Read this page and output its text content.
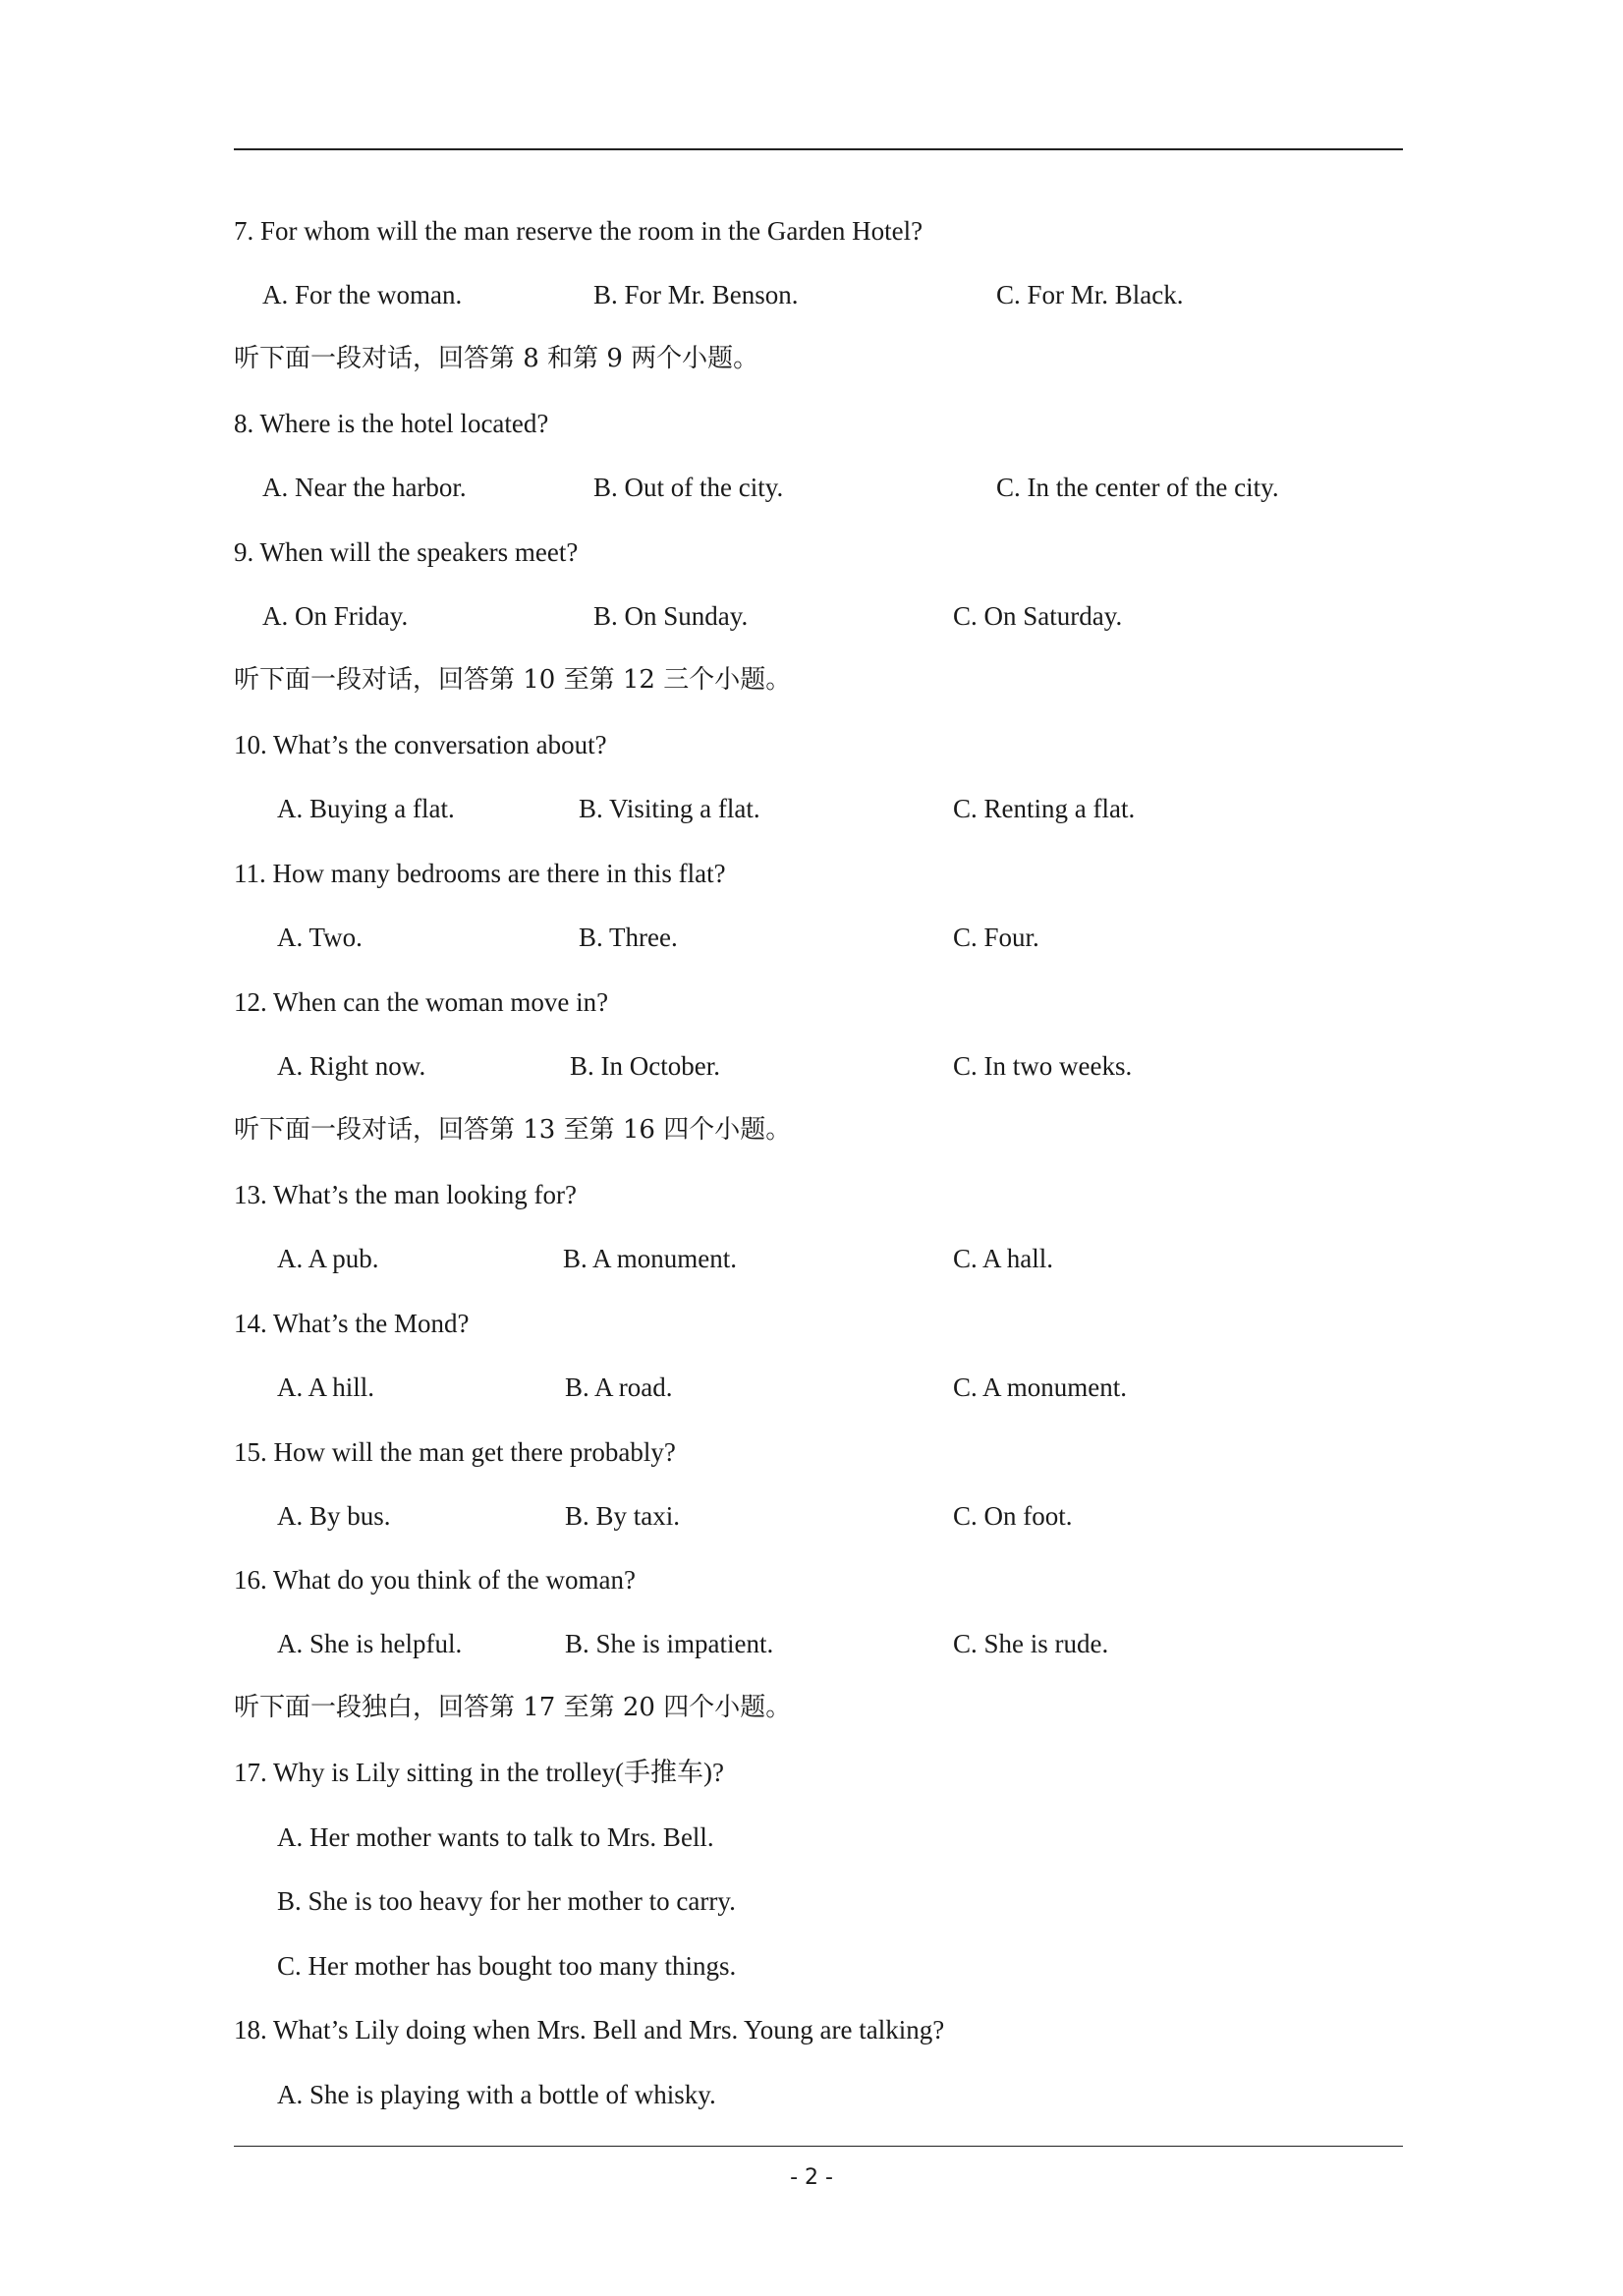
7. For whom will the man reserve the room in the Garden Hotel?
A. For the woman.	B. For Mr. Benson.	C. For Mr. Black.
听下面一段对话，回答第 8 和第 9 两个小题。
8. Where is the hotel located?
A. Near the harbor.	B. Out of the city.	C. In the center of the city.
9. When will the speakers meet?
A. On Friday.	B. On Sunday.	C. On Saturday.
听下面一段对话，回答第 10 至第 12 三个小题。
10. What’s the conversation about?
A. Buying a flat.	B. Visiting a flat.	C. Renting a flat.
11. How many bedrooms are there in this flat?
A. Two.	B. Three.	C. Four.
12. When can the woman move in?
A. Right now.	B. In October.	C. In two weeks.
听下面一段对话，回答第 13 至第 16 四个小题。
13. What’s the man looking for?
A. A pub.	B. A monument.	C. A hall.
14. What’s the Mond?
A. A hill.	B. A road.	C. A monument.
15. How will the man get there probably?
A. By bus.	B. By taxi.	C. On foot.
16. What do you think of the woman?
A. She is helpful.	B. She is impatient.	C. She is rude.
听下面一段独白，回答第 17 至第 20 四个小题。
17. Why is Lily sitting in the trolley(手推车)?
A. Her mother wants to talk to Mrs. Bell.
B. She is too heavy for her mother to carry.
C. Her mother has bought too many things.
18. What’s Lily doing when Mrs. Bell and Mrs. Young are talking?
A. She is playing with a bottle of whisky.
- 2 -
